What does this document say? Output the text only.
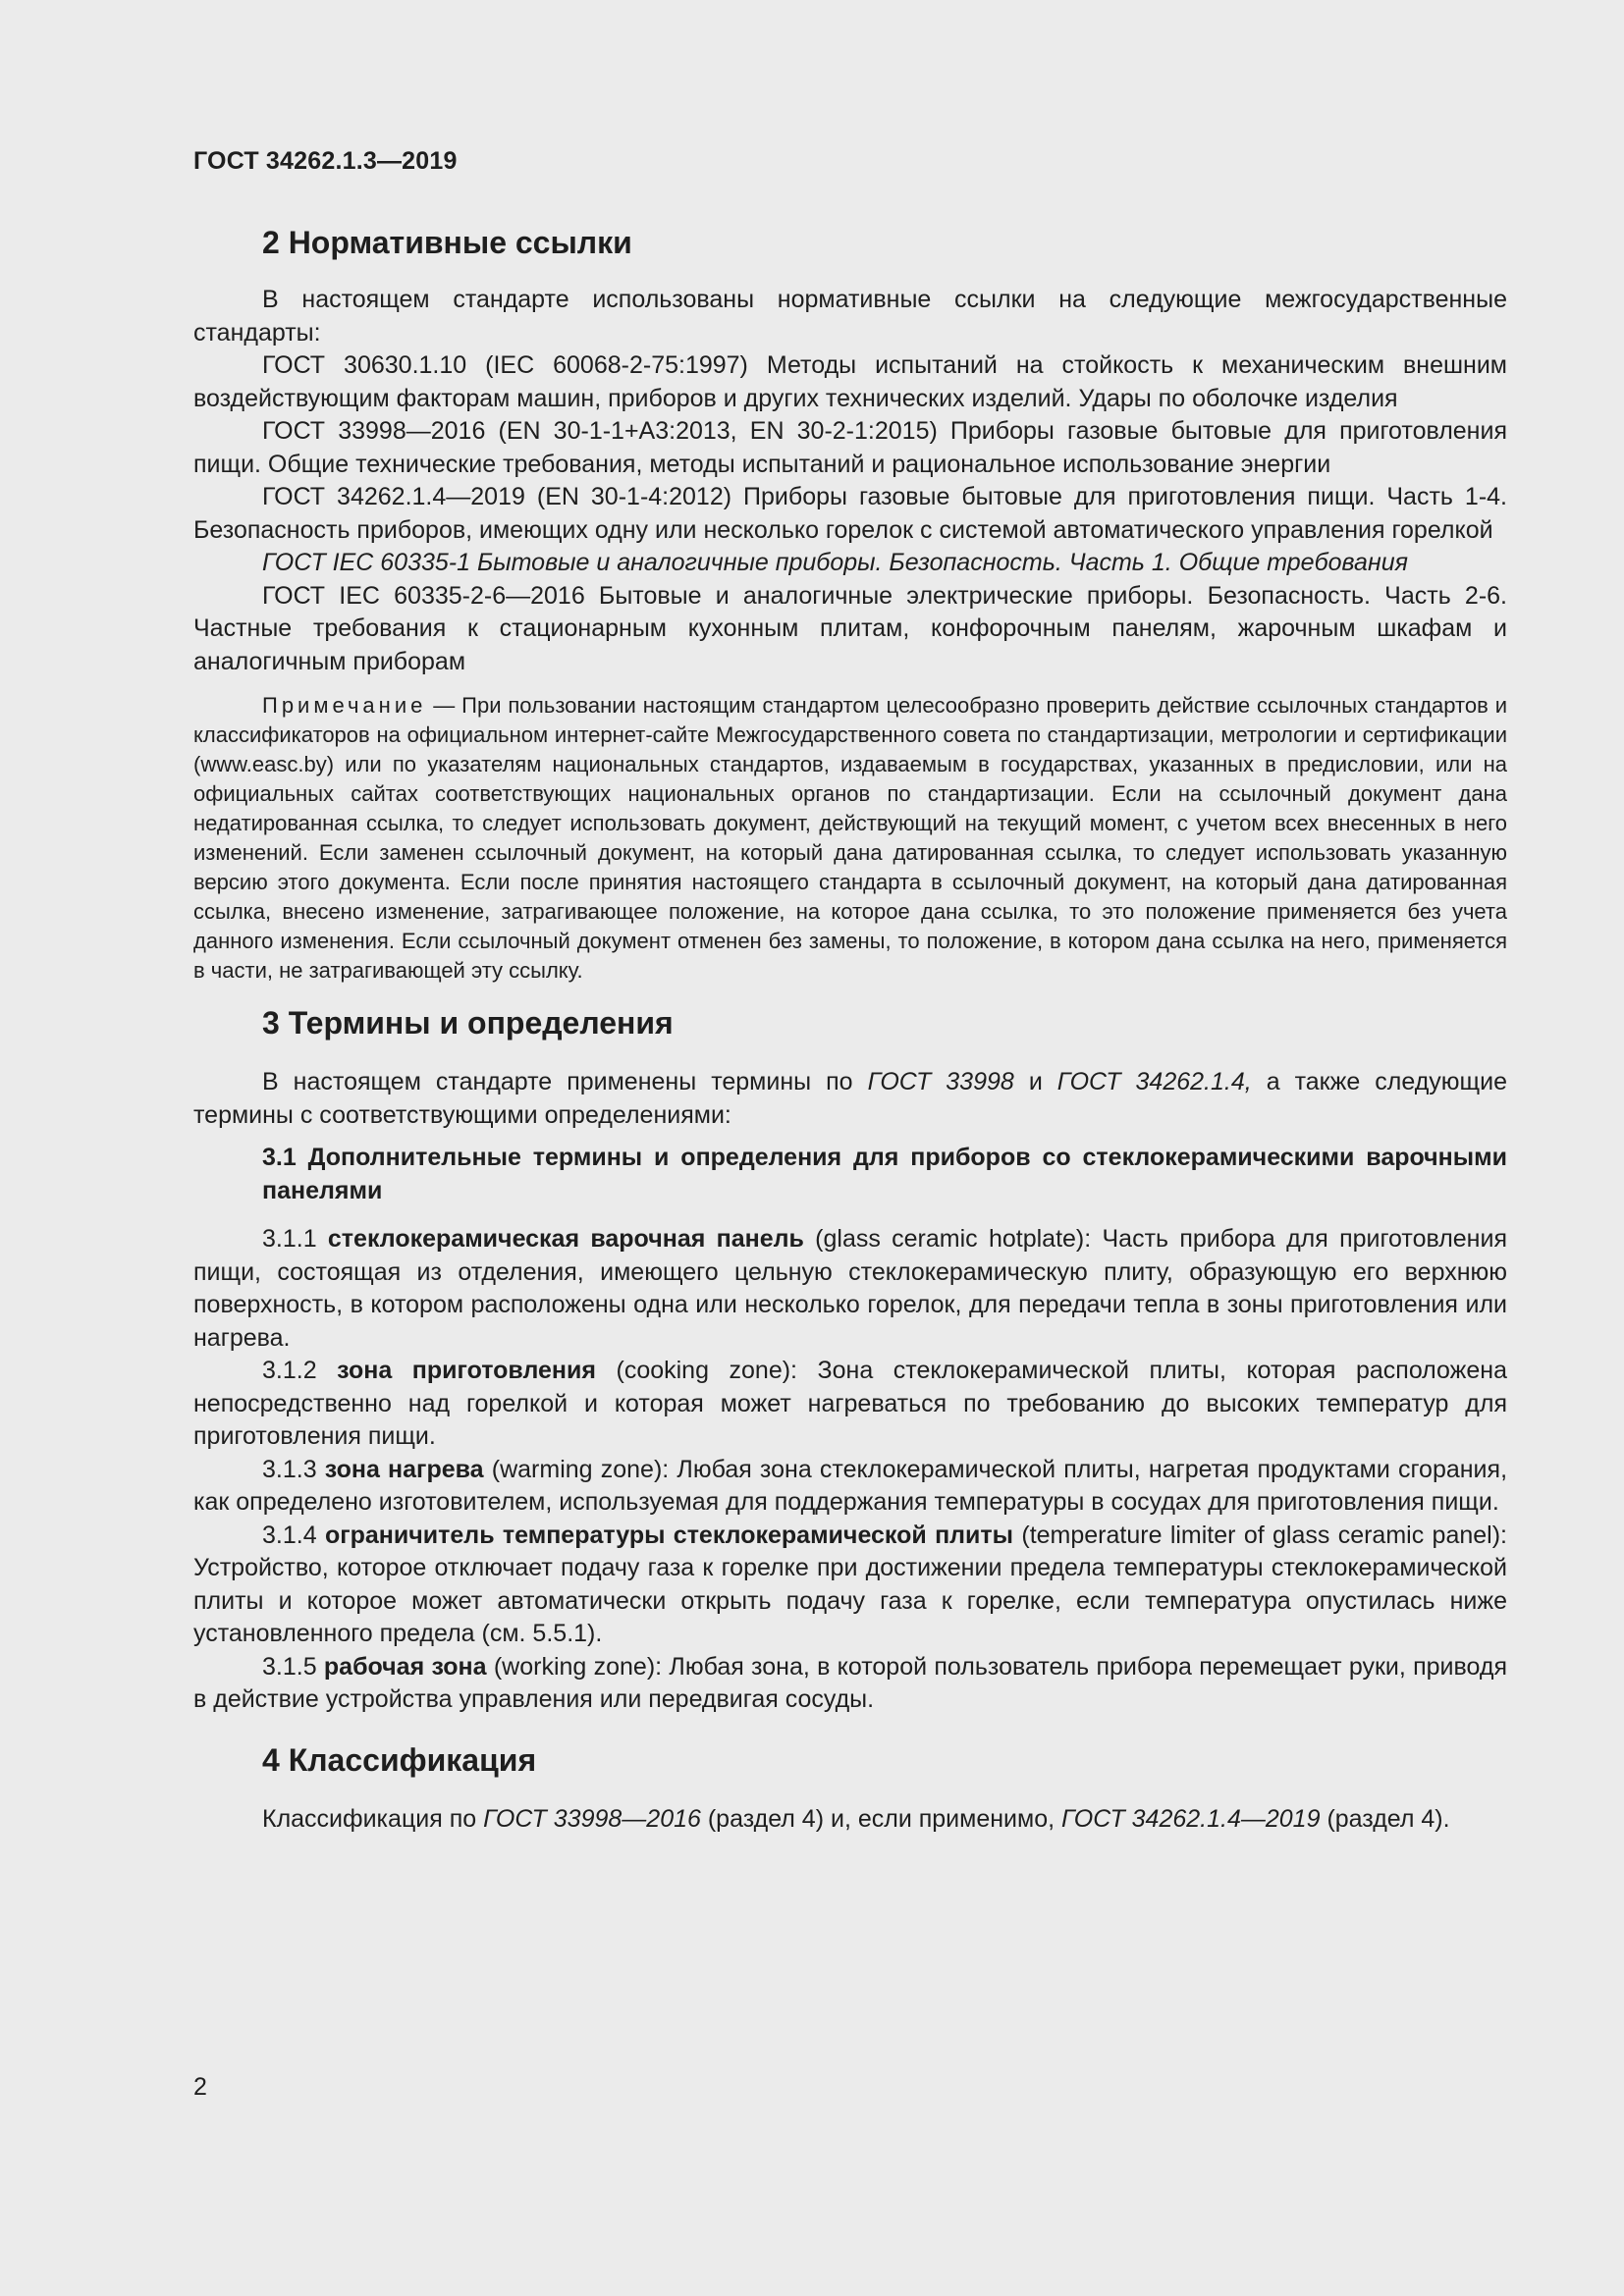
ГОСТ 34262.1.3—2019
2 Нормативные ссылки

В настоящем стандарте использованы нормативные ссылки на следующие межгосударственные стандарты:

ГОСТ 30630.1.10 (IEC 60068-2-75:1997) Методы испытаний на стойкость к механическим внешним воздействующим факторам машин, приборов и других технических изделий. Удары по оболочке изделия

ГОСТ 33998—2016 (EN 30-1-1+A3:2013, EN 30-2-1:2015) Приборы газовые бытовые для приготовления пищи. Общие технические требования, методы испытаний и рациональное использование энергии

ГОСТ 34262.1.4—2019 (EN 30-1-4:2012) Приборы газовые бытовые для приготовления пищи. Часть 1-4. Безопасность приборов, имеющих одну или несколько горелок с системой автоматического управления горелкой

ГОСТ IEC 60335-1 Бытовые и аналогичные приборы. Безопасность. Часть 1. Общие требования

ГОСТ IEC 60335-2-6—2016 Бытовые и аналогичные электрические приборы. Безопасность. Часть 2-6. Частные требования к стационарным кухонным плитам, конфорочным панелям, жарочным шкафам и аналогичным приборам

Примечание — При пользовании настоящим стандартом целесообразно проверить действие ссылочных стандартов и классификаторов на официальном интернет-сайте Межгосударственного совета по стандартизации, метрологии и сертификации (www.easc.by) или по указателям национальных стандартов, издаваемым в государствах, указанных в предисловии, или на официальных сайтах соответствующих национальных органов по стандартизации. Если на ссылочный документ дана недатированная ссылка, то следует использовать документ, действующий на текущий момент, с учетом всех внесенных в него изменений. Если заменен ссылочный документ, на который дана датированная ссылка, то следует использовать указанную версию этого документа. Если после принятия настоящего стандарта в ссылочный документ, на который дана датированная ссылка, внесено изменение, затрагивающее положение, на которое дана ссылка, то это положение применяется без учета данного изменения. Если ссылочный документ отменен без замены, то положение, в котором дана ссылка на него, применяется в части, не затрагивающей эту ссылку.

3 Термины и определения

В настоящем стандарте применены термины по ГОСТ 33998 и ГОСТ 34262.1.4, а также следующие термины с соответствующими определениями:

3.1 Дополнительные термины и определения для приборов со стеклокерамическими варочными панелями

3.1.1 стеклокерамическая варочная панель (glass ceramic hotplate): Часть прибора для приготовления пищи, состоящая из отделения, имеющего цельную стеклокерамическую плиту, образующую его верхнюю поверхность, в котором расположены одна или несколько горелок, для передачи тепла в зоны приготовления или нагрева.

3.1.2 зона приготовления (cooking zone): Зона стеклокерамической плиты, которая расположена непосредственно над горелкой и которая может нагреваться по требованию до высоких температур для приготовления пищи.

3.1.3 зона нагрева (warming zone): Любая зона стеклокерамической плиты, нагретая продуктами сгорания, как определено изготовителем, используемая для поддержания температуры в сосудах для приготовления пищи.

3.1.4 ограничитель температуры стеклокерамической плиты (temperature limiter of glass ceramic panel): Устройство, которое отключает подачу газа к горелке при достижении предела температуры стеклокерамической плиты и которое может автоматически открыть подачу газа к горелке, если температура опустилась ниже установленного предела (см. 5.5.1).

3.1.5 рабочая зона (working zone): Любая зона, в которой пользователь прибора перемещает руки, приводя в действие устройства управления или передвигая сосуды.

4 Классификация

Классификация по ГОСТ 33998—2016 (раздел 4) и, если применимо, ГОСТ 34262.1.4—2019 (раздел 4).

2
